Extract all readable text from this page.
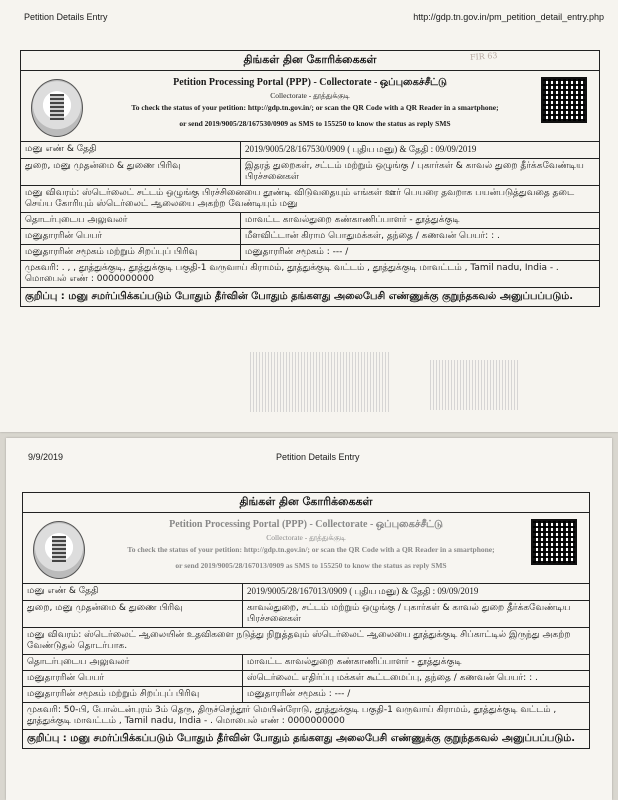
Petition Details Entry	http://gdp.tn.gov.in/pm_petition_detail_entry.php
FIR 63
திங்கள் தின கோரிக்கைகள்
Petition Processing Portal (PPP) - Collectorate - ஒப்புகைச்சீட்டு
Collectorate - தூத்துக்குடி
To check the status of your petition: http://gdp.tn.gov.in/; or scan the QR Code with a QR Reader in a smartphone;
or send 2019/9005/28/167530/0909 as SMS to 155250 to know the status as reply SMS
மனு எண் & தேதி	2019/9005/28/167530/0909 ( புதிய மனு) & தேதி : 09/09/2019
துறை, மனு முதன்மை & துணை பிரிவு	இதரத் துறைகள், சட்டம் மற்றும் ஒழுங்கு / புகார்கள் & காவல் துறை தீர்க்கவேண்டிய பிரச்சனைகள்
மனு விவரம்: ஸ்டெர்லைட் சட்டம் ஒழுங்கு பிரச்சினையை தூண்டி விடுவதையும் எங்கள் ஊர் பெயரை தவறாக பயன்படுத்துவதை தடை செய்ய கோரியும் ஸ்டெர்லைட் ஆலையை அகற்ற வேண்டியும் மனு
தொடர்புடைய அலுவலர்	மாவட்ட காவல்துறை கண்காணிப்பாளர் - தூத்துக்குடி
மனுதாரரின் பெயர்	மீளவிட்டான் கிராம பொதுமக்கள், தந்தை / கணவன் பெயர்: : .
மனுதாரரின் சமூகம் மற்றும் சிறப்புப் பிரிவு	மனுதாரரின் சமூகம் : --- /
முகவரி: . , , தூத்துக்குடி, தூத்துக்குடி பகுதி-1 வருவாய் கிராமம், தூத்துக்குடி வட்டம் , தூத்துக்குடி மாவட்டம் , Tamil nadu, India - . மொபைல் எண் : 0000000000
குறிப்பு : மனு சமர்ப்பிக்கப்படும் போதும் தீர்வின் போதும் தங்களது அலைபேசி எண்ணுக்கு குறுந்தகவல் அனுப்பப்படும்.
9/9/2019	Petition Details Entry
திங்கள் தின கோரிக்கைகள்
Petition Processing Portal (PPP) - Collectorate - ஒப்புகைச்சீட்டு
Collectorate - தூத்துக்குடி
To check the status of your petition: http://gdp.tn.gov.in/; or scan the QR Code with a QR Reader in a smartphone;
or send 2019/9005/28/167013/0909 as SMS to 155250 to know the status as reply SMS
மனு எண் & தேதி	2019/9005/28/167013/0909 ( புதிய மனு) & தேதி : 09/09/2019
துறை, மனு முதன்மை & துணை பிரிவு	காவல்துறை, சட்டம் மற்றும் ஒழுங்கு / புகார்கள் & காவல் துறை தீர்க்கவேண்டிய பிரச்சனைகள்
மனு விவரம்: ஸ்டெர்லைட் ஆலையின் உதவிகளை நடுத்து நிறுத்தவும் ஸ்டெர்லைட் ஆலையை தூத்துக்குடி சிப்காட்டில் இருந்து அகற்ற வேண்டுதல் தொடர்பாக.
தொடர்புடைய அலுவலர்	மாவட்ட காவல்துறை கண்காணிப்பாளர் - தூத்துக்குடி
மனுதாரரின் பெயர்	ஸ்டெர்லைட் எதிர்ப்பு மக்கள் கூட்டமைப்பு, தந்தை / கணவன் பெயர்: : .
மனுதாரரின் சமூகம் மற்றும் சிறப்புப் பிரிவு	மனுதாரரின் சமூகம் : --- /
முகவரி: 50-பி, போல்டன்புரம் 3ம் தெரு, திருச்செந்தூர் மெயின்ரோடு, தூத்துக்குடி பகுதி-1 வருவாய் கிராமம், தூத்துக்குடி வட்டம் , தூத்துக்குடி மாவட்டம் , Tamil nadu, India - . மொபைல் எண் : 0000000000
குறிப்பு : மனு சமர்ப்பிக்கப்படும் போதும் தீர்வின் போதும் தங்களது அலைபேசி எண்ணுக்கு குறுந்தகவல் அனுப்பப்படும்.
